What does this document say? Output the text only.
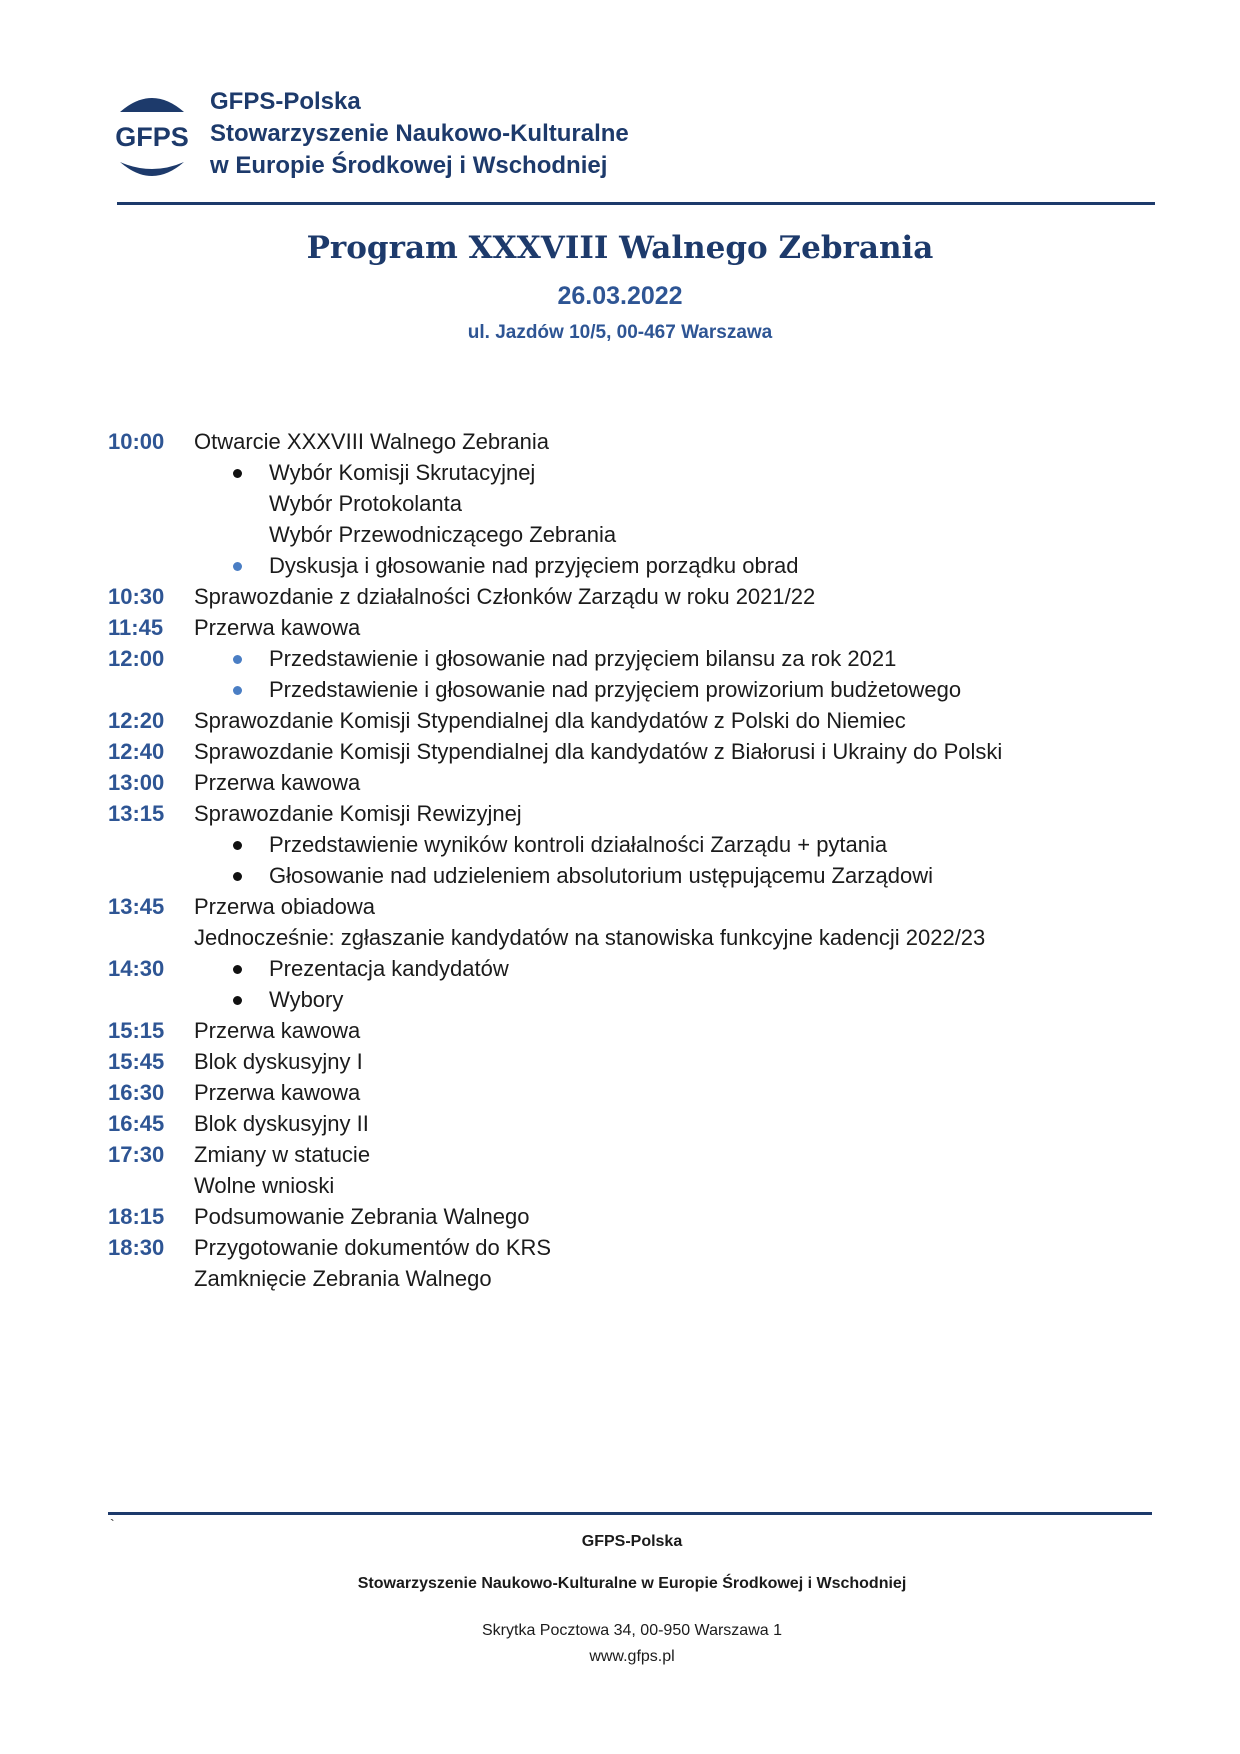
GFPS
GFPS-Polska
Stowarzyszenie Naukowo-Kulturalne
w Europie Środkowej i Wschodniej
Program XXXVIII Walnego Zebrania
26.03.2022
ul. Jazdów 10/5, 00-467 Warszawa
10:00 Otwarcie XXXVIII Walnego Zebrania
Wybór Komisji Skrutacyjnej
Wybór Protokolanta
Wybór Przewodniczącego Zebrania
Dyskusja i głosowanie nad przyjęciem porządku obrad
10:30 Sprawozdanie z działalności Członków Zarządu w roku 2021/22
11:45 Przerwa kawowa
12:00	Przedstawienie i głosowanie nad przyjęciem bilansu za rok 2021
Przedstawienie i głosowanie nad przyjęciem prowizorium budżetowego
12:20 Sprawozdanie Komisji Stypendialnej dla kandydatów z Polski do Niemiec
12:40 Sprawozdanie Komisji Stypendialnej dla kandydatów z Białorusi i Ukrainy do Polski
13:00 Przerwa kawowa
13:15 Sprawozdanie Komisji Rewizyjnej
Przedstawienie wyników kontroli działalności Zarządu + pytania
Głosowanie nad udzieleniem absolutorium ustępującemu Zarządowi
13:45 Przerwa obiadowa
Jednocześnie: zgłaszanie kandydatów na stanowiska funkcyjne kadencji 2022/23
14:30	Prezentacja kandydatów
Wybory
15:15 Przerwa kawowa
15:45 Blok dyskusyjny I
16:30 Przerwa kawowa
16:45 Blok dyskusyjny II
17:30 Zmiany w statucie
Wolne wnioski
18:15 Podsumowanie Zebrania Walnego
18:30 Przygotowanie dokumentów do KRS
Zamknięcie Zebrania Walnego
`
GFPS-Polska
Stowarzyszenie Naukowo-Kulturalne w Europie Środkowej i Wschodniej
Skrytka Pocztowa 34, 00-950 Warszawa 1
www.gfps.pl
